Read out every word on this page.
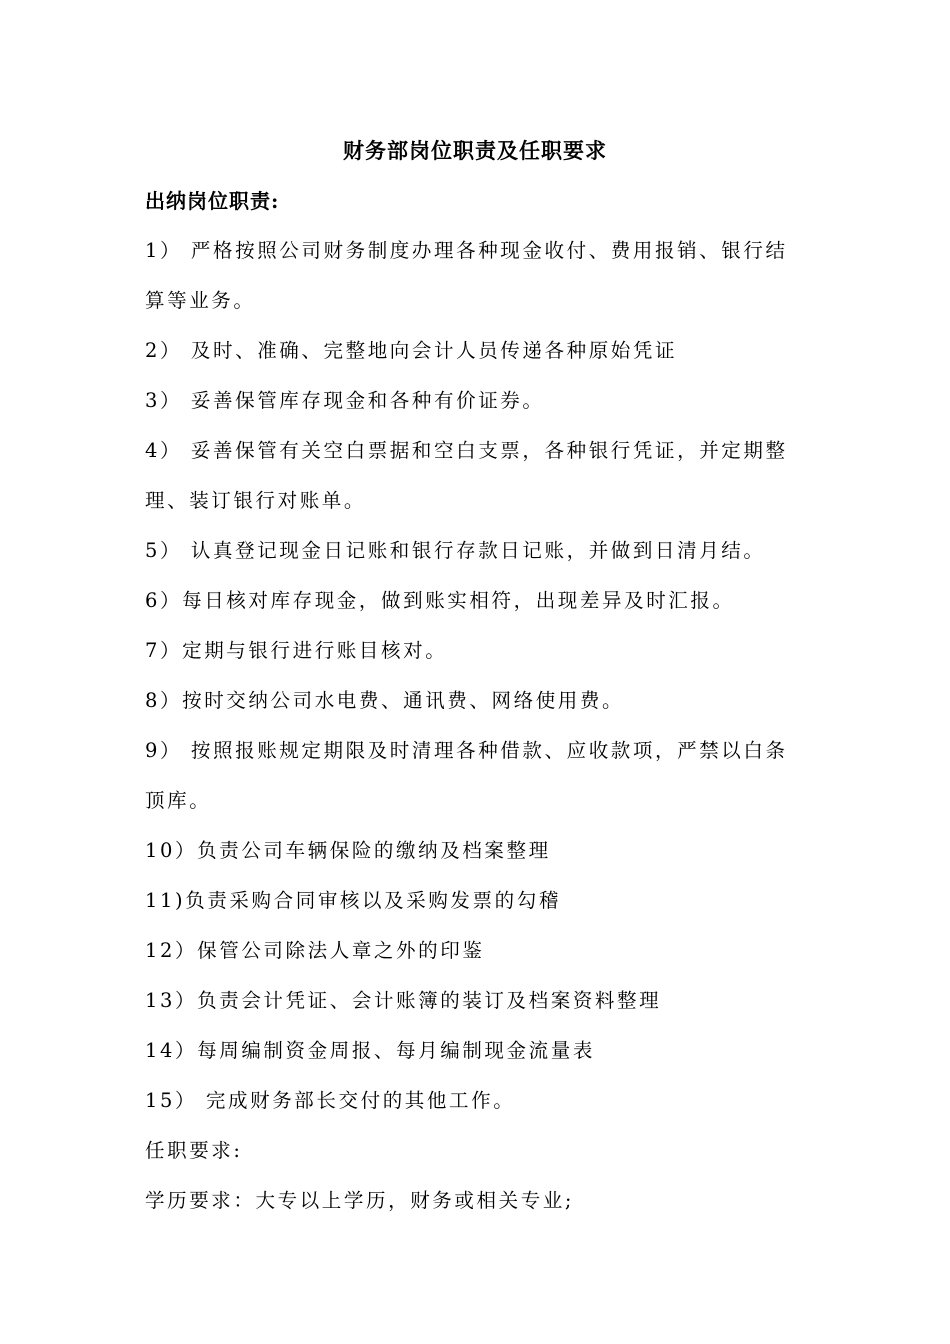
财务部岗位职责及任职要求
出纳岗位职责:
1） 严格按照公司财务制度办理各种现金收付、费用报销、银行结
算等业务。
2） 及时、准确、完整地向会计人员传递各种原始凭证
3） 妥善保管库存现金和各种有价证券。
4） 妥善保管有关空白票据和空白支票，各种银行凭证，并定期整
理、装订银行对账单。
5） 认真登记现金日记账和银行存款日记账，并做到日清月结。
6）每日核对库存现金，做到账实相符，出现差异及时汇报。
7）定期与银行进行账目核对。
8）按时交纳公司水电费、通讯费、网络使用费。
9） 按照报账规定期限及时清理各种借款、应收款项，严禁以白条
顶库。
10）负责公司车辆保险的缴纳及档案整理
11)负责采购合同审核以及采购发票的勾稽
12）保管公司除法人章之外的印鉴
13）负责会计凭证、会计账簿的装订及档案资料整理
14）每周编制资金周报、每月编制现金流量表
15） 完成财务部长交付的其他工作。
任职要求:
学历要求：大专以上学历，财务或相关专业;
